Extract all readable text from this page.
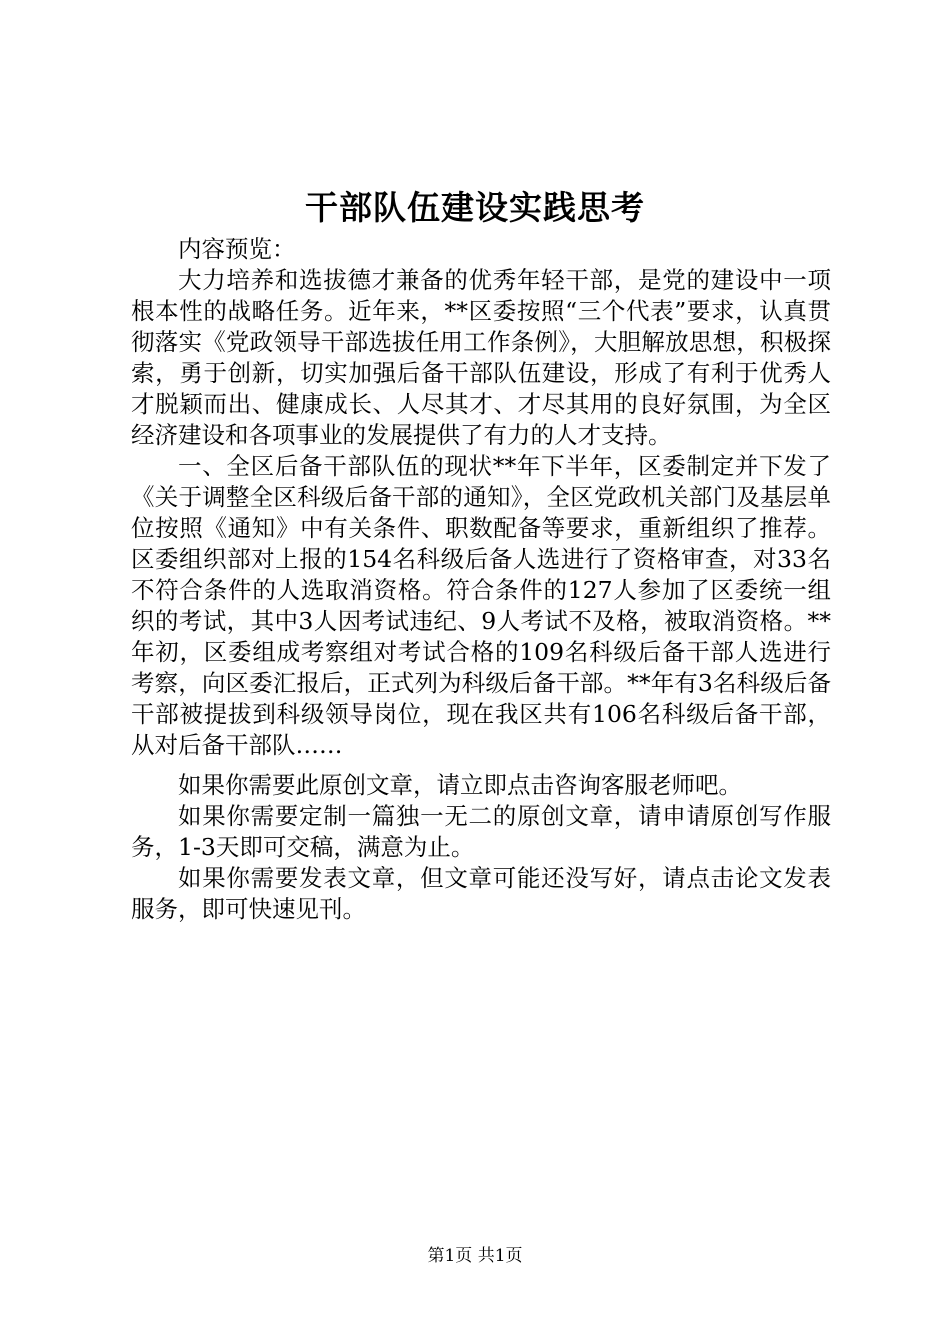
干部队伍建设实践思考

内容预览：

大力培养和选拔德才兼备的优秀年轻干部，是党的建设中一项根本性的战略任务。近年来，**区委按照“三个代表”要求，认真贯彻落实《党政领导干部选拔任用工作条例》，大胆解放思想，积极探索，勇于创新，切实加强后备干部队伍建设，形成了有利于优秀人才脱颖而出、健康成长、人尽其才、才尽其用的良好氛围，为全区经济建设和各项事业的发展提供了有力的人才支持。

一、全区后备干部队伍的现状**年下半年，区委制定并下发了《关于调整全区科级后备干部的通知》，全区党政机关部门及基层单位按照《通知》中有关条件、职数配备等要求，重新组织了推荐。区委组织部对上报的154名科级后备人选进行了资格审查，对33名不符合条件的人选取消资格。符合条件的127人参加了区委统一组织的考试，其中3人因考试违纪、9人考试不及格，被取消资格。**年初，区委组成考察组对考试合格的109名科级后备干部人选进行考察，向区委汇报后，正式列为科级后备干部。**年有3名科级后备干部被提拔到科级领导岗位，现在我区共有106名科级后备干部，从对后备干部队……

如果你需要此原创文章，请立即点击咨询客服老师吧。

如果你需要定制一篇独一无二的原创文章，请申请原创写作服务，1-3天即可交稿，满意为止。

如果你需要发表文章，但文章可能还没写好，请点击论文发表服务，即可快速见刊。

第1页 共1页
